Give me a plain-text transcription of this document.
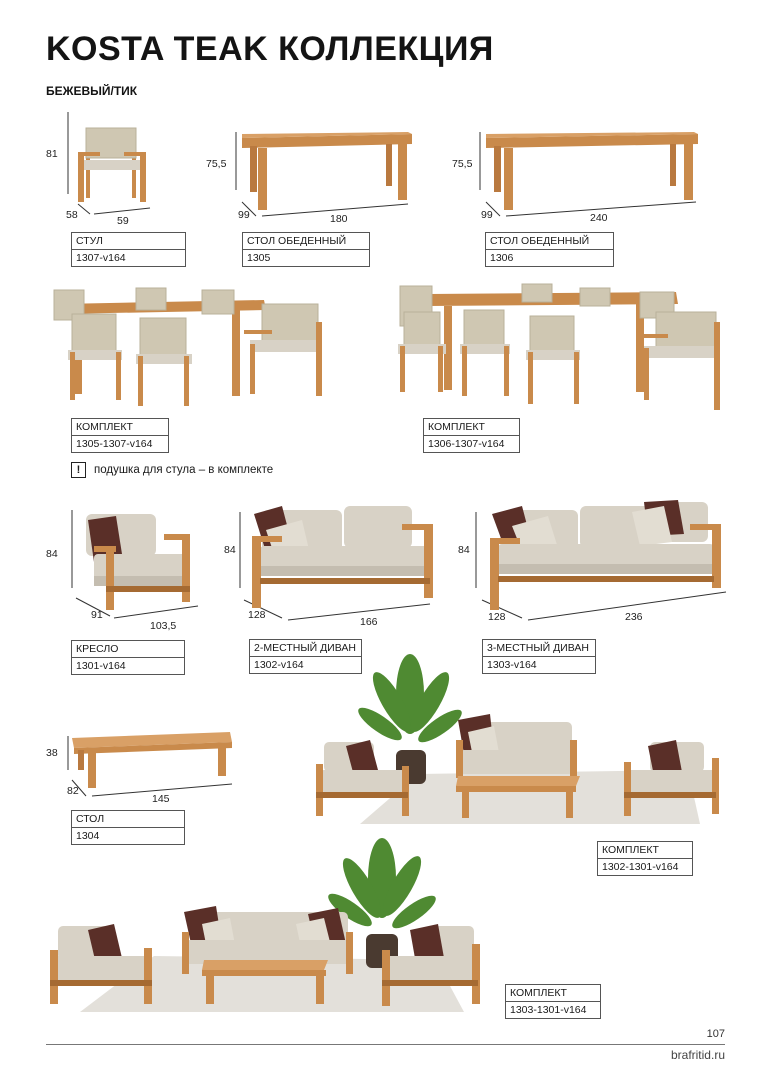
KOSTA TEAK КОЛЛЕКЦИЯ
БЕЖЕВЫЙ/ТИК
81
58	59
СТУЛ
1307-v164
75,5
99	180
СТОЛ ОБЕДЕННЫЙ
1305
75,5
99	240
СТОЛ ОБЕДЕННЫЙ
1306
КОМПЛЕКТ
1305-1307-v164
КОМПЛЕКТ
1306-1307-v164
! подушка для стула – в комплекте
84
91
103,5
КРЕСЛО
1301-v164
84
128
166
2-МЕСТНЫЙ ДИВАН
1302-v164
84
128	236
3-МЕСТНЫЙ ДИВАН
1303-v164
38
82
145
СТОЛ
1304
КОМПЛЕКТ
1302-1301-v164
КОМПЛЕКТ
1303-1301-v164
107
brafritid.ru
